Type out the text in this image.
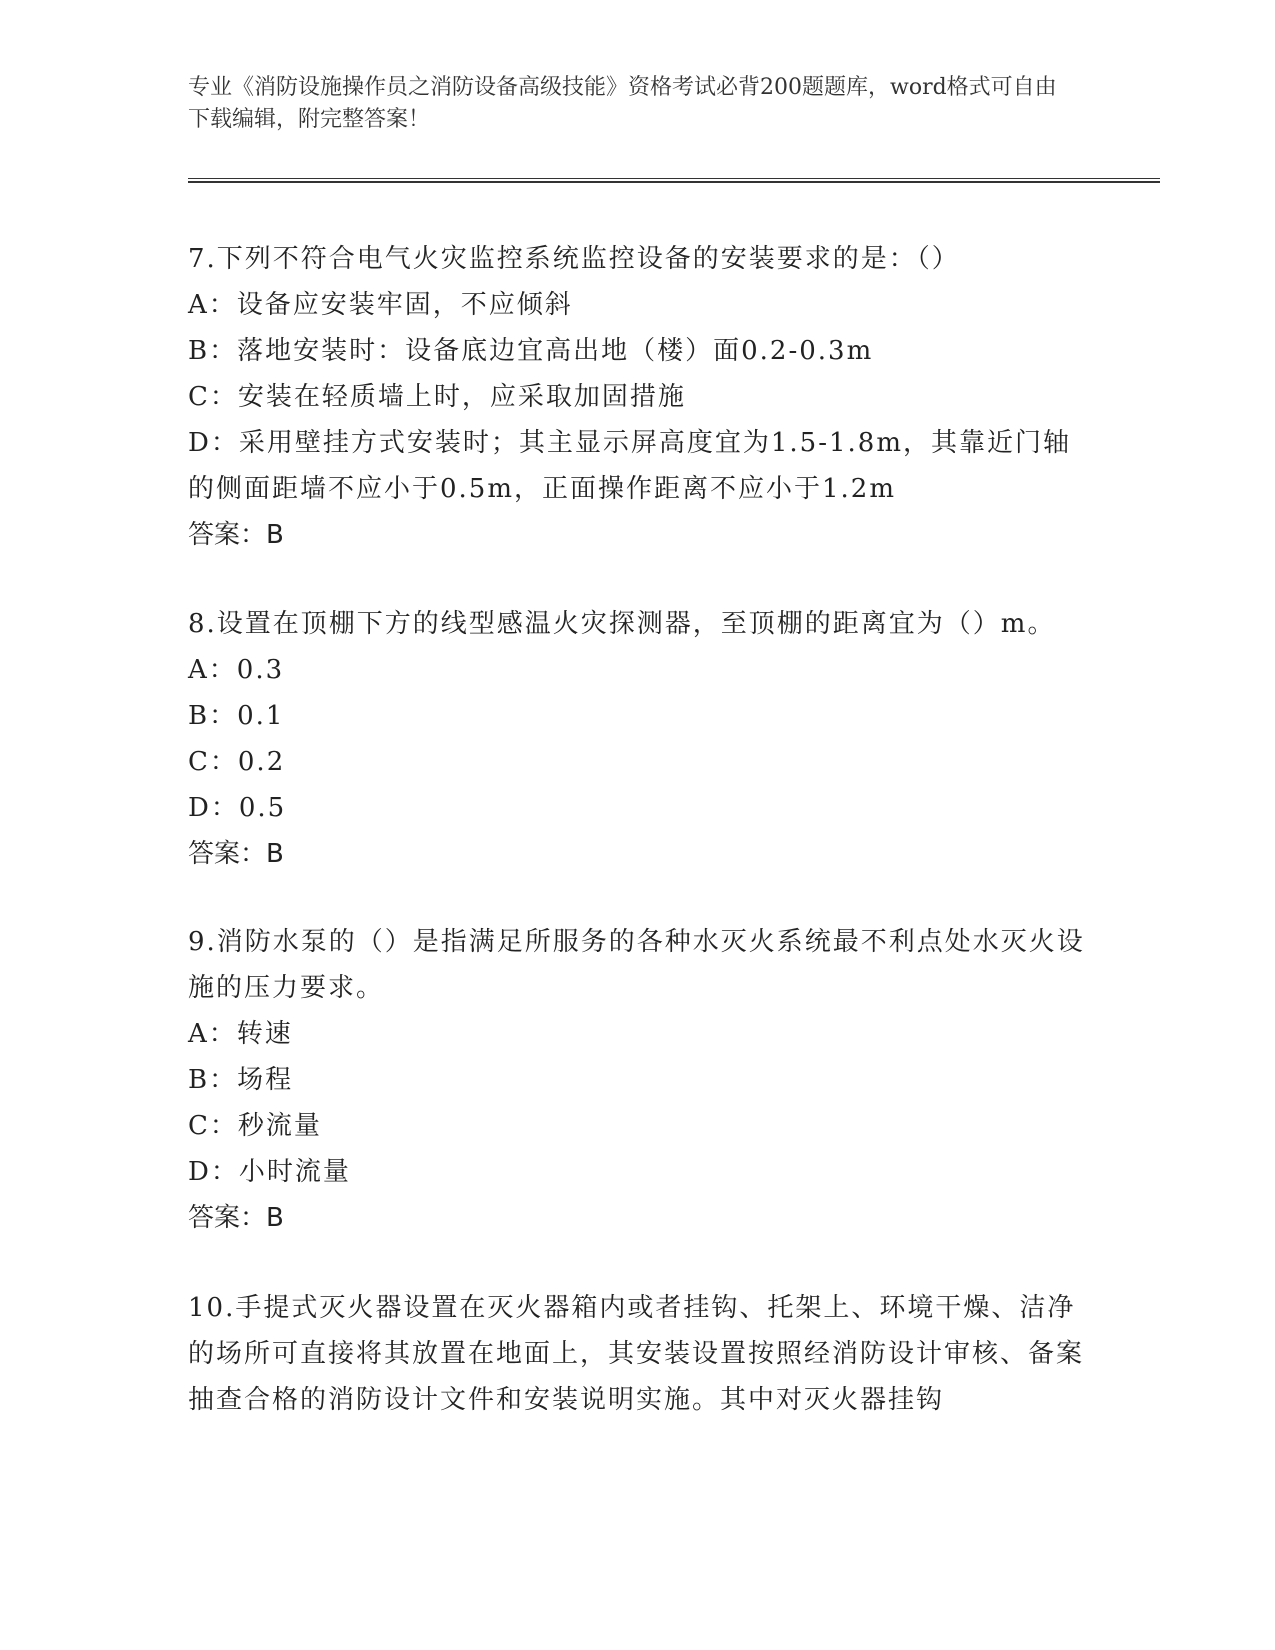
专业《消防设施操作员之消防设备高级技能》资格考试必背200题题库，word格式可自由下载编辑，附完整答案！
7.下列不符合电气火灾监控系统监控设备的安装要求的是：（）
A：设备应安装牢固，不应倾斜
B：落地安装时：设备底边宜高出地（楼）面0.2-0.3m
C：安装在轻质墙上时，应采取加固措施
D：采用壁挂方式安装时；其主显示屏高度宜为1.5-1.8m，其靠近门轴的侧面距墙不应小于0.5m，正面操作距离不应小于1.2m
答案：B
8.设置在顶棚下方的线型感温火灾探测器，至顶棚的距离宜为（）m。
A：0.3
B：0.1
C：0.2
D：0.5
答案：B
9.消防水泵的（）是指满足所服务的各种水灭火系统最不利点处水灭火设施的压力要求。
A：转速
B：场程
C：秒流量
D：小时流量
答案：B
10.手提式灭火器设置在灭火器箱内或者挂钩、托架上、环境干燥、洁净的场所可直接将其放置在地面上，其安装设置按照经消防设计审核、备案抽查合格的消防设计文件和安装说明实施。其中对灭火器挂钩
